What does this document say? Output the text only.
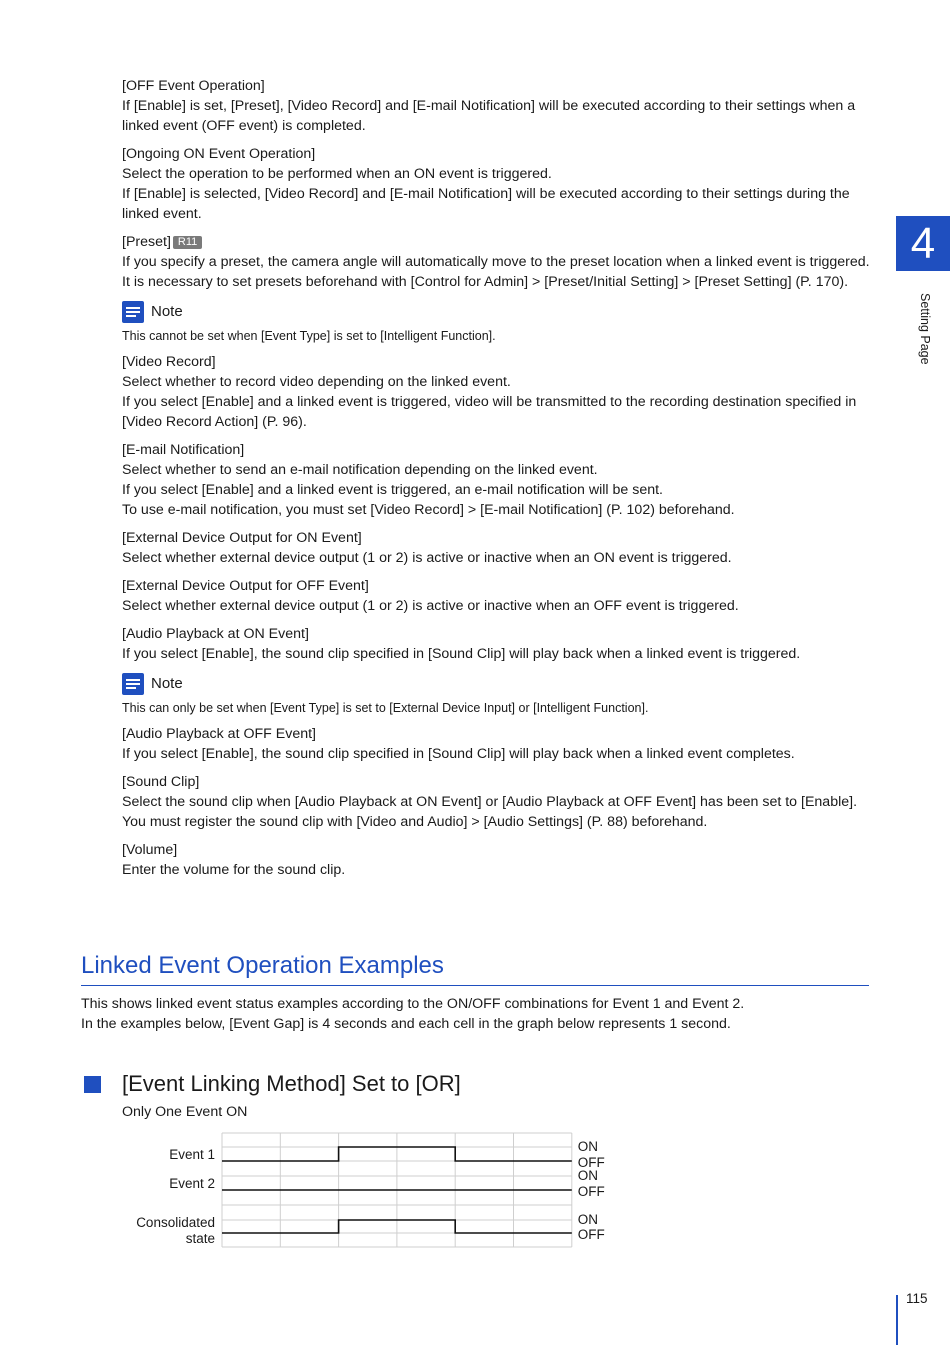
[OFF Event Operation]

If [Enable] is set, [Preset], [Video Record] and [E-mail Notification] will be executed according to their settings when a linked event (OFF event) is completed.

[Ongoing ON Event Operation]

Select the operation to be performed when an ON event is triggered.

If [Enable] is selected, [Video Record] and [E-mail Notification] will be executed according to their settings during the linked event.

[Preset] R11

If you specify a preset, the camera angle will automatically move to the preset location when a linked event is triggered.

It is necessary to set presets beforehand with [Control for Admin] > [Preset/Initial Setting] > [Preset Setting] (P. 170).

Note
This cannot be set when [Event Type] is set to [Intelligent Function].

[Video Record]

Select whether to record video depending on the linked event.

If you select [Enable] and a linked event is triggered, video will be transmitted to the recording destination specified in [Video Record Action] (P. 96).

[E-mail Notification]

Select whether to send an e-mail notification depending on the linked event.

If you select [Enable] and a linked event is triggered, an e-mail notification will be sent.

To use e-mail notification, you must set [Video Record] > [E-mail Notification] (P. 102) beforehand.

[External Device Output for ON Event]

Select whether external device output (1 or 2) is active or inactive when an ON event is triggered.

[External Device Output for OFF Event]

Select whether external device output (1 or 2) is active or inactive when an OFF event is triggered.

[Audio Playback at ON Event]

If you select [Enable], the sound clip specified in [Sound Clip] will play back when a linked event is triggered.

Note
This can only be set when [Event Type] is set to [External Device Input] or [Intelligent Function].

[Audio Playback at OFF Event]

If you select [Enable], the sound clip specified in [Sound Clip] will play back when a linked event completes.

[Sound Clip]

Select the sound clip when [Audio Playback at ON Event] or [Audio Playback at OFF Event] has been set to [Enable].

You must register the sound clip with [Video and Audio] > [Audio Settings] (P. 88) beforehand.

[Volume]

Enter the volume for the sound clip.

4
Setting Page
Linked Event Operation Examples

This shows linked event status examples according to the ON/OFF combinations for Event 1 and Event 2.

In the examples below, [Event Gap] is 4 seconds and each cell in the graph below represents 1 second.

[Event Linking Method] Set to [OR]
Only One Event ON
Event 1
ON
OFF
Event 2
ON
OFF
Consolidated
state
ON
OFF
115
